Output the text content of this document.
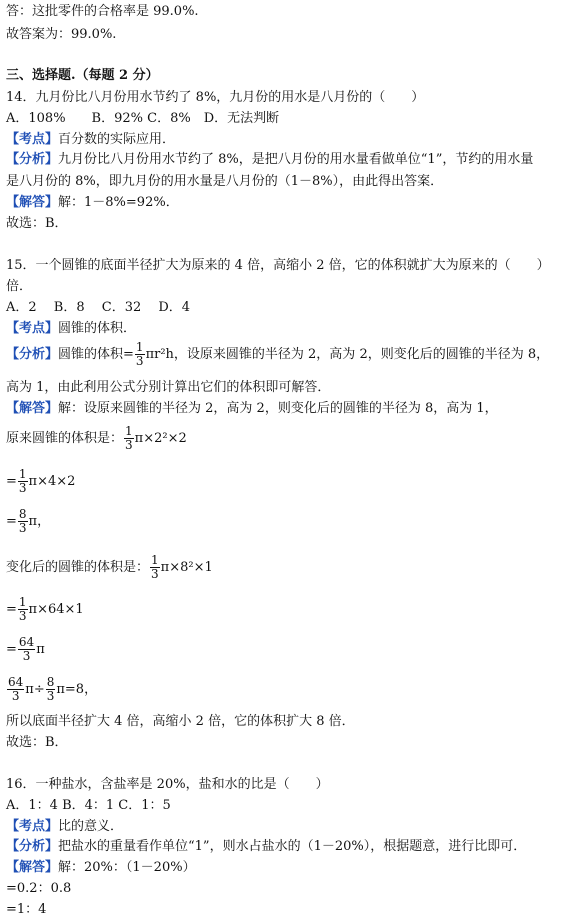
答：这批零件的合格率是 99.0%.
故答案为：99.0%.
三、选择题.（每题 2 分）
14．九月份比八月份用水节约了 8%，九月份的用水是八月份的（　　）
A．108%　　B．92% C．8%　D．无法判断
【考点】百分数的实际应用．
【分析】九月份比八月份用水节约了 8%，是把八月份的用水量看做单位“1”，节约的用水量
是八月份的 8%，即九月份的用水量是八月份的（1－8%），由此得出答案．
【解答】解：1－8%=92%．
故选：B．
15．一个圆锥的底面半径扩大为原来的 4 倍，高缩小 2 倍，它的体积就扩大为原来的（　　）
倍．
A．2　 B．8　 C．32　 D．4
【考点】圆锥的体积．
【分析】圆锥的体积= $\frac{1}{3} \pi r^2h$，设原来圆锥的半径为 2，高为 2，则变化后的圆锥的半径为 8，
高为 1，由此利用公式分别计算出它们的体积即可解答．
【解答】解：设原来圆锥的半径为 2，高为 2，则变化后的圆锥的半径为 8，高为 1，
原来圆锥的体积是： $\frac{1}{3} \pi\times 2^2\times 2$
= $\frac{1}{3} \pi\times 4\times 2$
= $\frac{8}{3}$ π，
变化后的圆锥的体积是： $\frac{1}{3} \pi\times 8^2\times 1$
= $\frac{1}{3} \pi\times 64\times 1$
= $\frac{64}{3}$ π
$\frac{64}{3} \pi\div \frac{8}{3} \pi=8$，
所以底面半径扩大 4 倍，高缩小 2 倍，它的体积扩大 8 倍．
故选：B．
16．一种盐水，含盐率是 20%，盐和水的比是（　　）
A．1：4 B．4：1 C．1：5
【考点】比的意义．
【分析】把盐水的重量看作单位“1”，则水占盐水的（1－20%），根据题意，进行比即可．
【解答】解：20%：（1－20%）
=0.2：0.8
=1：4
